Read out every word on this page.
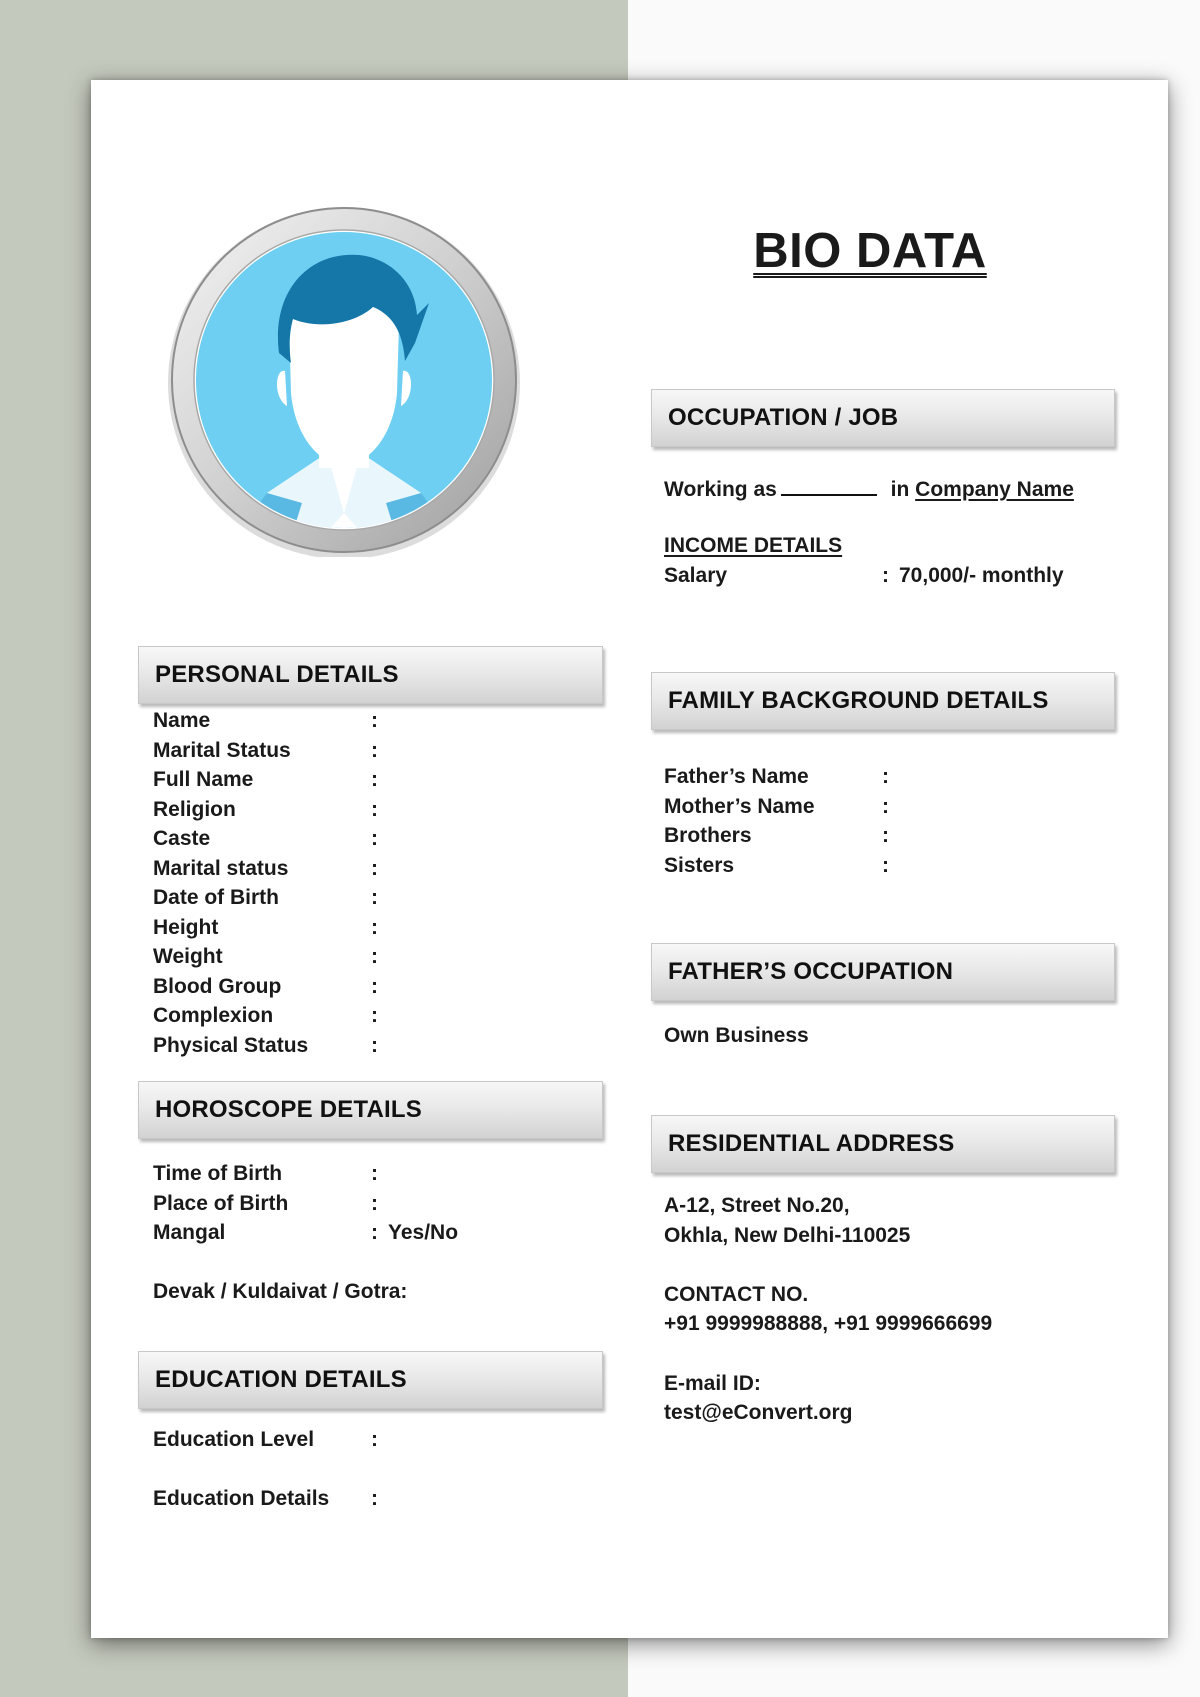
BIO DATA
OCCUPATION / JOB
Working as	in Company Name
INCOME DETAILS
Salary	: 70,000/- monthly
PERSONAL DETAILS
Name	:
Marital Status	:
Full Name	:
Religion	:
Caste	:
Marital status	:
Date of Birth	:
Height	:
Weight	:
Blood Group	:
Complexion	:
Physical Status	:
HOROSCOPE DETAILS
Time of Birth	:
Place of Birth	:
Mangal	: Yes/No
Devak / Kuldaivat / Gotra:
EDUCATION DETAILS
Education Level	:
Education Details :
FAMILY BACKGROUND DETAILS
Father’s Name	:
Mother’s Name	:
Brothers	:
Sisters	:
FATHER’S OCCUPATION
Own Business
RESIDENTIAL ADDRESS
A-12, Street No.20,
Okhla, New Delhi-110025
CONTACT NO.
+91 9999988888, +91 9999666699
E-mail ID:
test@eConvert.org
